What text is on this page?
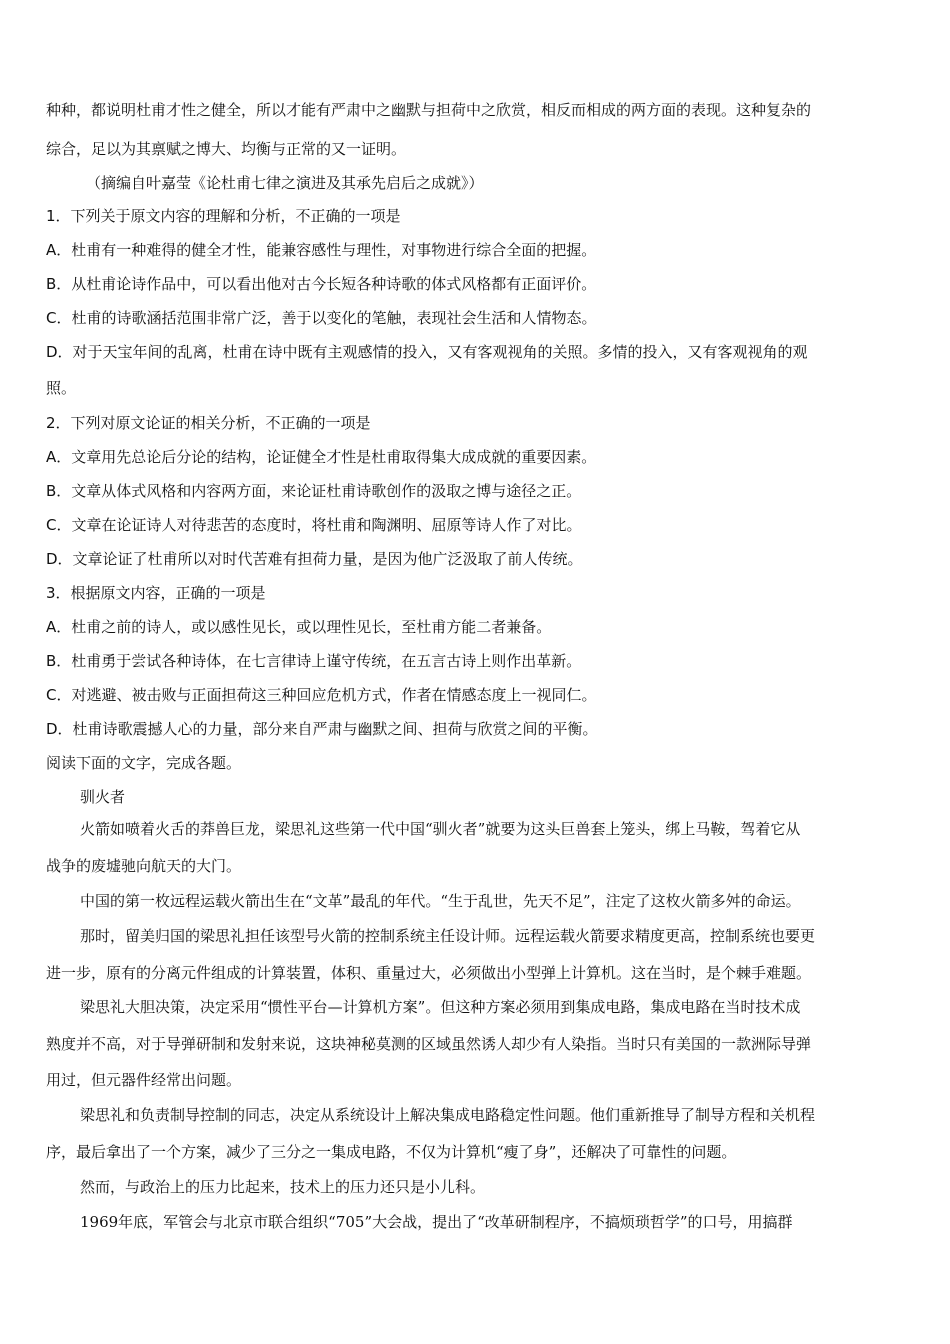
种种，都说明杜甫才性之健全，所以才能有严肃中之幽默与担荷中之欣赏，相反而相成的两方面的表现。这种复杂的
综合，足以为其禀赋之博大、均衡与正常的又一证明。
（摘编自叶嘉莹《论杜甫七律之演进及其承先启后之成就》）
1．下列关于原文内容的理解和分析，不正确的一项是
A．杜甫有一种难得的健全才性，能兼容感性与理性，对事物进行综合全面的把握。
B．从杜甫论诗作品中，可以看出他对古今长短各种诗歌的体式风格都有正面评价。
C．杜甫的诗歌涵括范围非常广泛，善于以变化的笔触，表现社会生活和人情物态。
D．对于天宝年间的乱离，杜甫在诗中既有主观感情的投入，又有客观视角的关照。多情的投入，又有客观视角的观
照。
2．下列对原文论证的相关分析，不正确的一项是
A．文章用先总论后分论的结构，论证健全才性是杜甫取得集大成成就的重要因素。
B．文章从体式风格和内容两方面，来论证杜甫诗歌创作的汲取之博与途径之正。
C．文章在论证诗人对待悲苦的态度时，将杜甫和陶渊明、屈原等诗人作了对比。
D．文章论证了杜甫所以对时代苦难有担荷力量，是因为他广泛汲取了前人传统。
3．根据原文内容，正确的一项是
A．杜甫之前的诗人，或以感性见长，或以理性见长，至杜甫方能二者兼备。
B．杜甫勇于尝试各种诗体，在七言律诗上谨守传统，在五言古诗上则作出革新。
C．对逃避、被击败与正面担荷这三种回应危机方式，作者在情感态度上一视同仁。
D．杜甫诗歌震撼人心的力量，部分来自严肃与幽默之间、担荷与欣赏之间的平衡。
阅读下面的文字，完成各题。
驯火者
火箭如喷着火舌的莽兽巨龙，梁思礼这些第一代中国“驯火者”就要为这头巨兽套上笼头，绑上马鞍，驾着它从
战争的废墟驰向航天的大门。
中国的第一枚远程运载火箭出生在“文革”最乱的年代。“生于乱世，先天不足”，注定了这枚火箭多舛的命运。
那时，留美归国的梁思礼担任该型号火箭的控制系统主任设计师。远程运载火箭要求精度更高，控制系统也要更
进一步，原有的分离元件组成的计算装置，体积、重量过大，必须做出小型弹上计算机。这在当时，是个棘手难题。
梁思礼大胆决策，决定采用“惯性平台—计算机方案”。但这种方案必须用到集成电路，集成电路在当时技术成
熟度并不高，对于导弹研制和发射来说，这块神秘莫测的区域虽然诱人却少有人染指。当时只有美国的一款洲际导弹
用过，但元器件经常出问题。
梁思礼和负责制导控制的同志，决定从系统设计上解决集成电路稳定性问题。他们重新推导了制导方程和关机程
序，最后拿出了一个方案，减少了三分之一集成电路，不仅为计算机“瘦了身”，还解决了可靠性的问题。
然而，与政治上的压力比起来，技术上的压力还只是小儿科。
1969年底，军管会与北京市联合组织“705”大会战，提出了“改革研制程序，不搞烦琐哲学”的口号，用搞群
